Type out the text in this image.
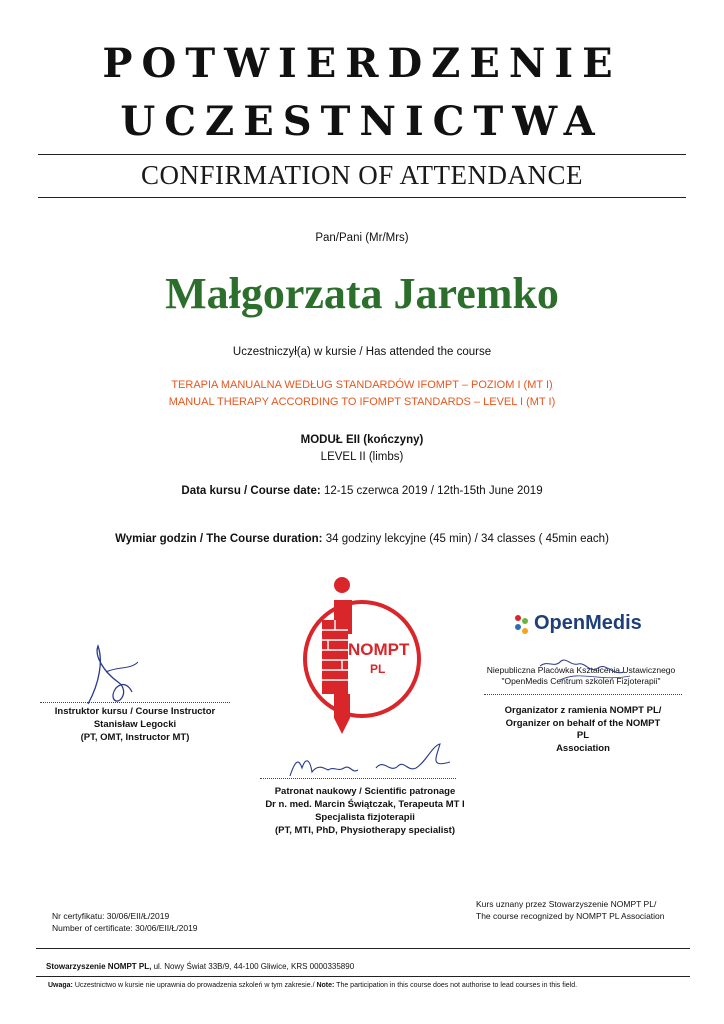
POTWIERDZENIE
UCZESTNICTWA
CONFIRMATION OF ATTENDANCE
Pan/Pani (Mr/Mrs)
Małgorzata Jaremko
Uczestniczył(a) w kursie / Has attended the course
TERAPIA MANUALNA WEDŁUG STANDARDÓW IFOMPT – POZIOM I (MT I)
MANUAL THERAPY ACCORDING TO IFOMPT STANDARDS – LEVEL I (MT I)
MODUŁ EII (kończyny)
LEVEL II (limbs)
Data kursu / Course date: 12-15 czerwca 2019 / 12th-15th June 2019
Wymiar godzin / The Course duration: 34 godziny lekcyjne (45 min) / 34 classes ( 45min each)
NOMPT
PL
OpenMedis
Instruktor kursu / Course Instructor
Stanisław Legocki
(PT, OMT, Instructor MT)
Niepubliczna Placówka Kształcenia Ustawicznego
"OpenMedis Centrum szkoleń Fizjoterapii"
Organizator z ramienia NOMPT PL/
Organizer on behalf of the NOMPT
PL
Association
Patronat naukowy / Scientific patronage
Dr n. med. Marcin Świątczak, Terapeuta MT I
Specjalista fizjoterapii
(PT, MTI, PhD, Physiotherapy specialist)
Nr certyfikatu: 30/06/EII/Ł/2019
Number of certificate: 30/06/EII/Ł/2019
Kurs uznany przez Stowarzyszenie NOMPT PL/
The course recognized by NOMPT PL Association
Stowarzyszenie NOMPT PL, ul. Nowy Świat 33B/9, 44-100 Gliwice, KRS 0000335890
Uwaga: Uczestnictwo w kursie nie uprawnia do prowadzenia szkoleń w tym zakresie./ Note: The participation in this course does not authorise to lead courses in this field.
